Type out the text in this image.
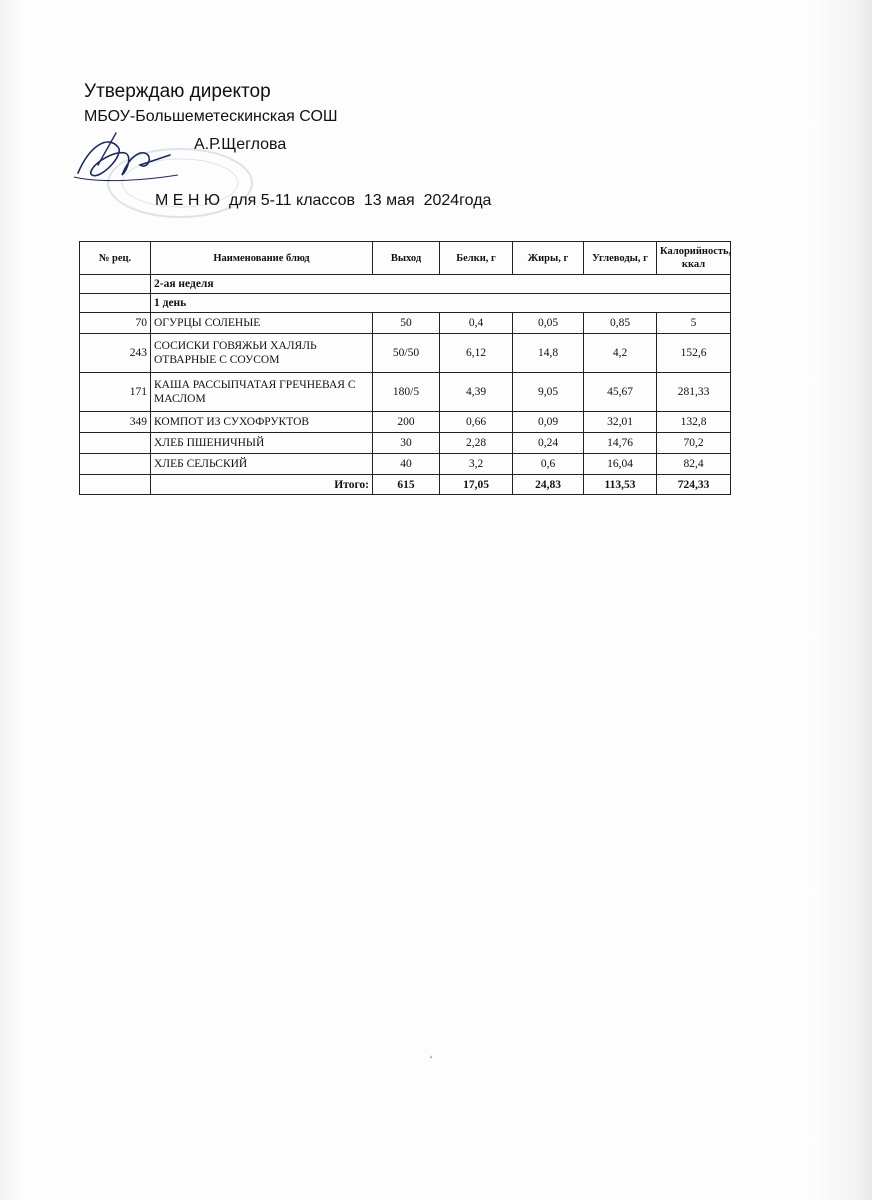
Утверждаю директор
МБОУ-Большеметескинская СОШ
А.Р.Щеглова
М Е Н Ю  для 5-11 классов  13 мая  2024года
№ рец.	Наименование блюд	Выход	Белки, г	Жиры, г	Углеводы, г	Калорийность, ккал
	2-ая неделя					
	1 день					
70	ОГУРЦЫ СОЛЕНЫЕ	50	0,4	0,05	0,85	5
243	СОСИСКИ ГОВЯЖЬИ ХАЛЯЛЬ ОТВАРНЫЕ С СОУСОМ	50/50	6,12	14,8	4,2	152,6
171	КАША РАССЫПЧАТАЯ ГРЕЧНЕВАЯ С МАСЛОМ	180/5	4,39	9,05	45,67	281,33
349	КОМПОТ ИЗ СУХОФРУКТОВ	200	0,66	0,09	32,01	132,8
	ХЛЕБ ПШЕНИЧНЫЙ	30	2,28	0,24	14,76	70,2
	ХЛЕБ СЕЛЬСКИЙ	40	3,2	0,6	16,04	82,4
	Итого:	615	17,05	24,83	113,53	724,33
ʻ
